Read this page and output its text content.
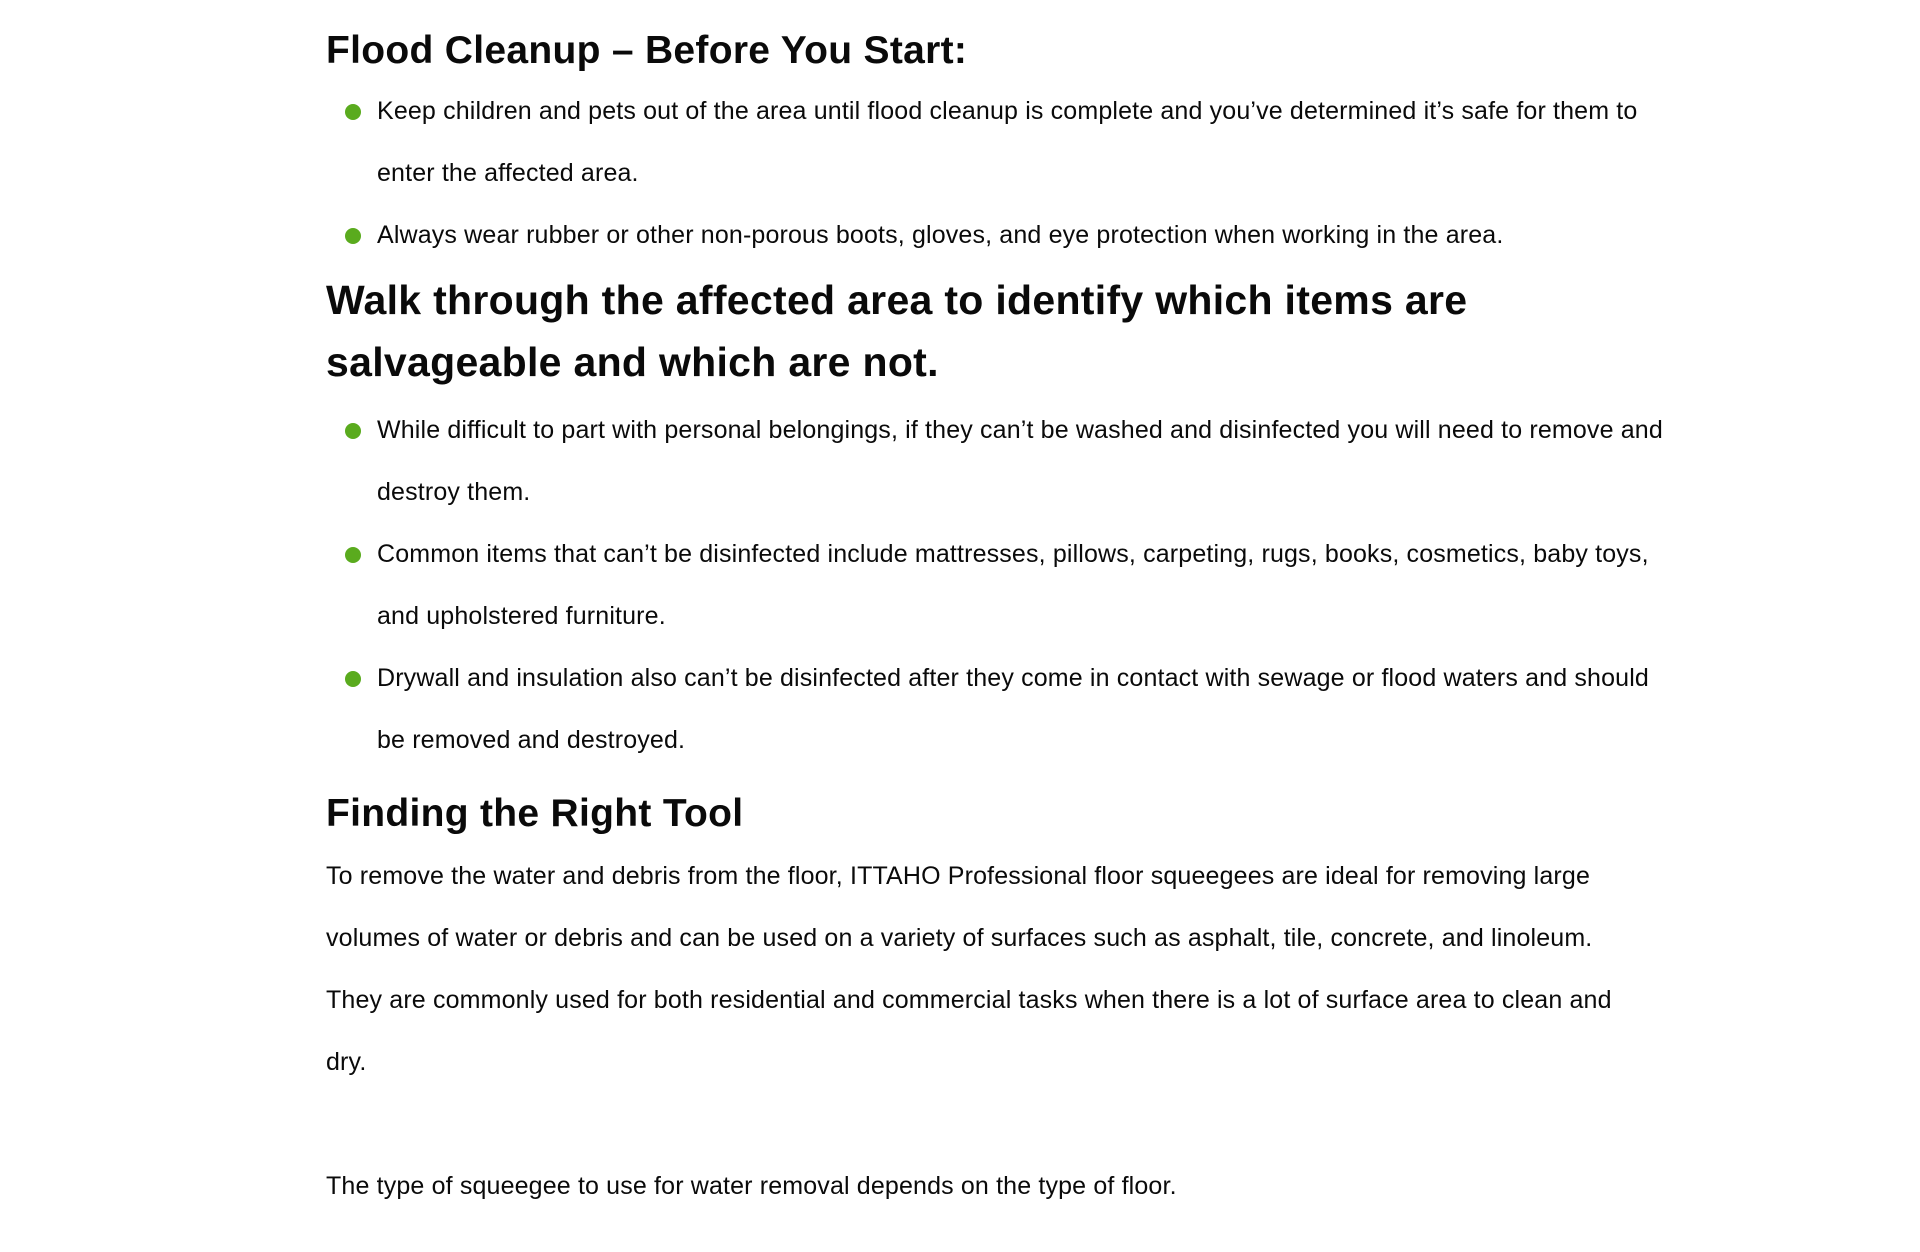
Flood Cleanup – Before You Start:
Keep children and pets out of the area until flood cleanup is complete and you’ve determined it’s safe for them to enter the affected area.
Always wear rubber or other non-porous boots, gloves, and eye protection when working in the area.
Walk through the affected area to identify which items are salvageable and which are not.
While difficult to part with personal belongings, if they can’t be washed and disinfected you will need to remove and destroy them.
Common items that can’t be disinfected include mattresses, pillows, carpeting, rugs, books, cosmetics, baby toys, and upholstered furniture.
Drywall and insulation also can’t be disinfected after they come in contact with sewage or flood waters and should be removed and destroyed.
Finding the Right Tool

To remove the water and debris from the floor, ITTAHO Professional floor squeegees are ideal for removing large volumes of water or debris and can be used on a variety of surfaces such as asphalt, tile, concrete, and linoleum. They are commonly used for both residential and commercial tasks when there is a lot of surface area to clean and dry.

The type of squeegee to use for water removal depends on the type of floor.
